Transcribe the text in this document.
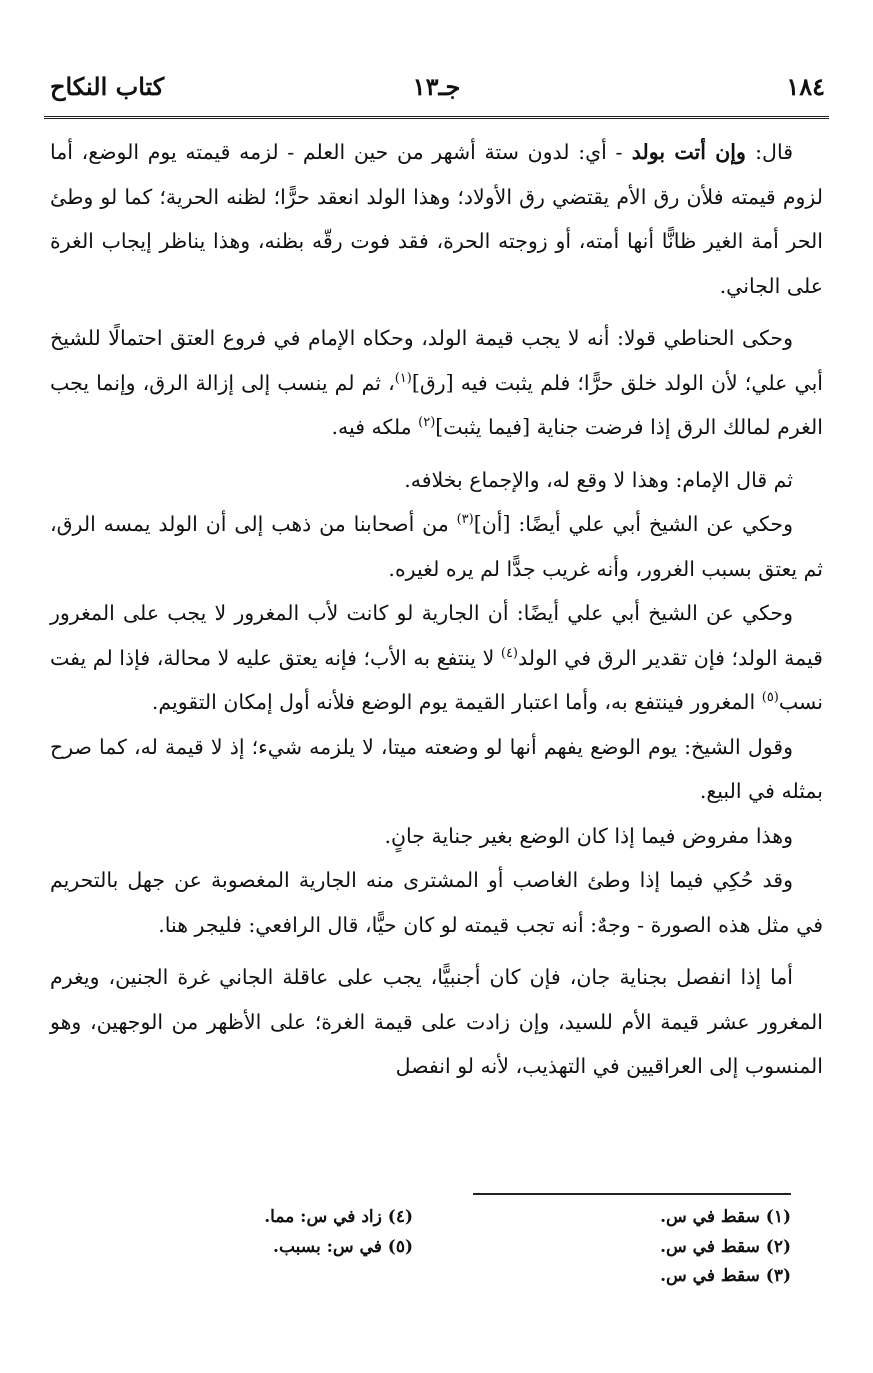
١٨٤
جـ١٣
كتاب النكاح

قال: وإن أتت بولد - أي: لدون ستة أشهر من حين العلم - لزمه قيمته يوم الوضع، أما لزوم قيمته فلأن رق الأم يقتضي رق الأولاد؛ وهذا الولد انعقد حرًّا؛ لظنه الحرية؛ كما لو وطئ الحر أمة الغير ظانًّا أنها أمته، أو زوجته الحرة، فقد فوت رقّه بظنه، وهذا يناظر إيجاب الغرة على الجاني.

وحكى الحناطي قولا: أنه لا يجب قيمة الولد، وحكاه الإمام في فروع العتق احتمالًا للشيخ أبي علي؛ لأن الولد خلق حرًّا؛ فلم يثبت فيه [رق]$^{(١)}$، ثم لم ينسب إلى إزالة الرق، وإنما يجب الغرم لمالك الرق إذا فرضت جناية [فيما يثبت]$^{(٢)}$ ملكه فيه.

ثم قال الإمام: وهذا لا وقع له، والإجماع بخلافه.

وحكي عن الشيخ أبي علي أيضًا: [أن]$^{(٣)}$ من أصحابنا من ذهب إلى أن الولد يمسه الرق، ثم يعتق بسبب الغرور، وأنه غريب جدًّا لم يره لغيره.

وحكي عن الشيخ أبي علي أيضًا: أن الجارية لو كانت لأب المغرور لا يجب على المغرور قيمة الولد؛ فإن تقدير الرق في الولد$^{(٤)}$ لا ينتفع به الأب؛ فإنه يعتق عليه لا محالة، فإذا لم يفت نسب$^{(٥)}$ المغرور فينتفع به، وأما اعتبار القيمة يوم الوضع فلأنه أول إمكان التقويم.

وقول الشيخ: يوم الوضع يفهم أنها لو وضعته ميتا، لا يلزمه شيء؛ إذ لا قيمة له، كما صرح بمثله في البيع.

وهذا مفروض فيما إذا كان الوضع بغير جناية جانٍ.

وقد حُكِي فيما إذا وطئ الغاصب أو المشترى منه الجارية المغصوبة عن جهل بالتحريم في مثل هذه الصورة - وجهٌ: أنه تجب قيمته لو كان حيًّا، قال الرافعي: فليجر هنا.

أما إذا انفصل بجناية جان، فإن كان أجنبيًّا، يجب على عاقلة الجاني غرة الجنين، ويغرم المغرور عشر قيمة الأم للسيد، وإن زادت على قيمة الغرة؛ على الأظهر من الوجهين، وهو المنسوب إلى العراقيين في التهذيب، لأنه لو انفصل

(١) سقط في س.
(٢) سقط في س.
(٣) سقط في س.
(٤) زاد في س: مما.
(٥) في س: بسبب.
